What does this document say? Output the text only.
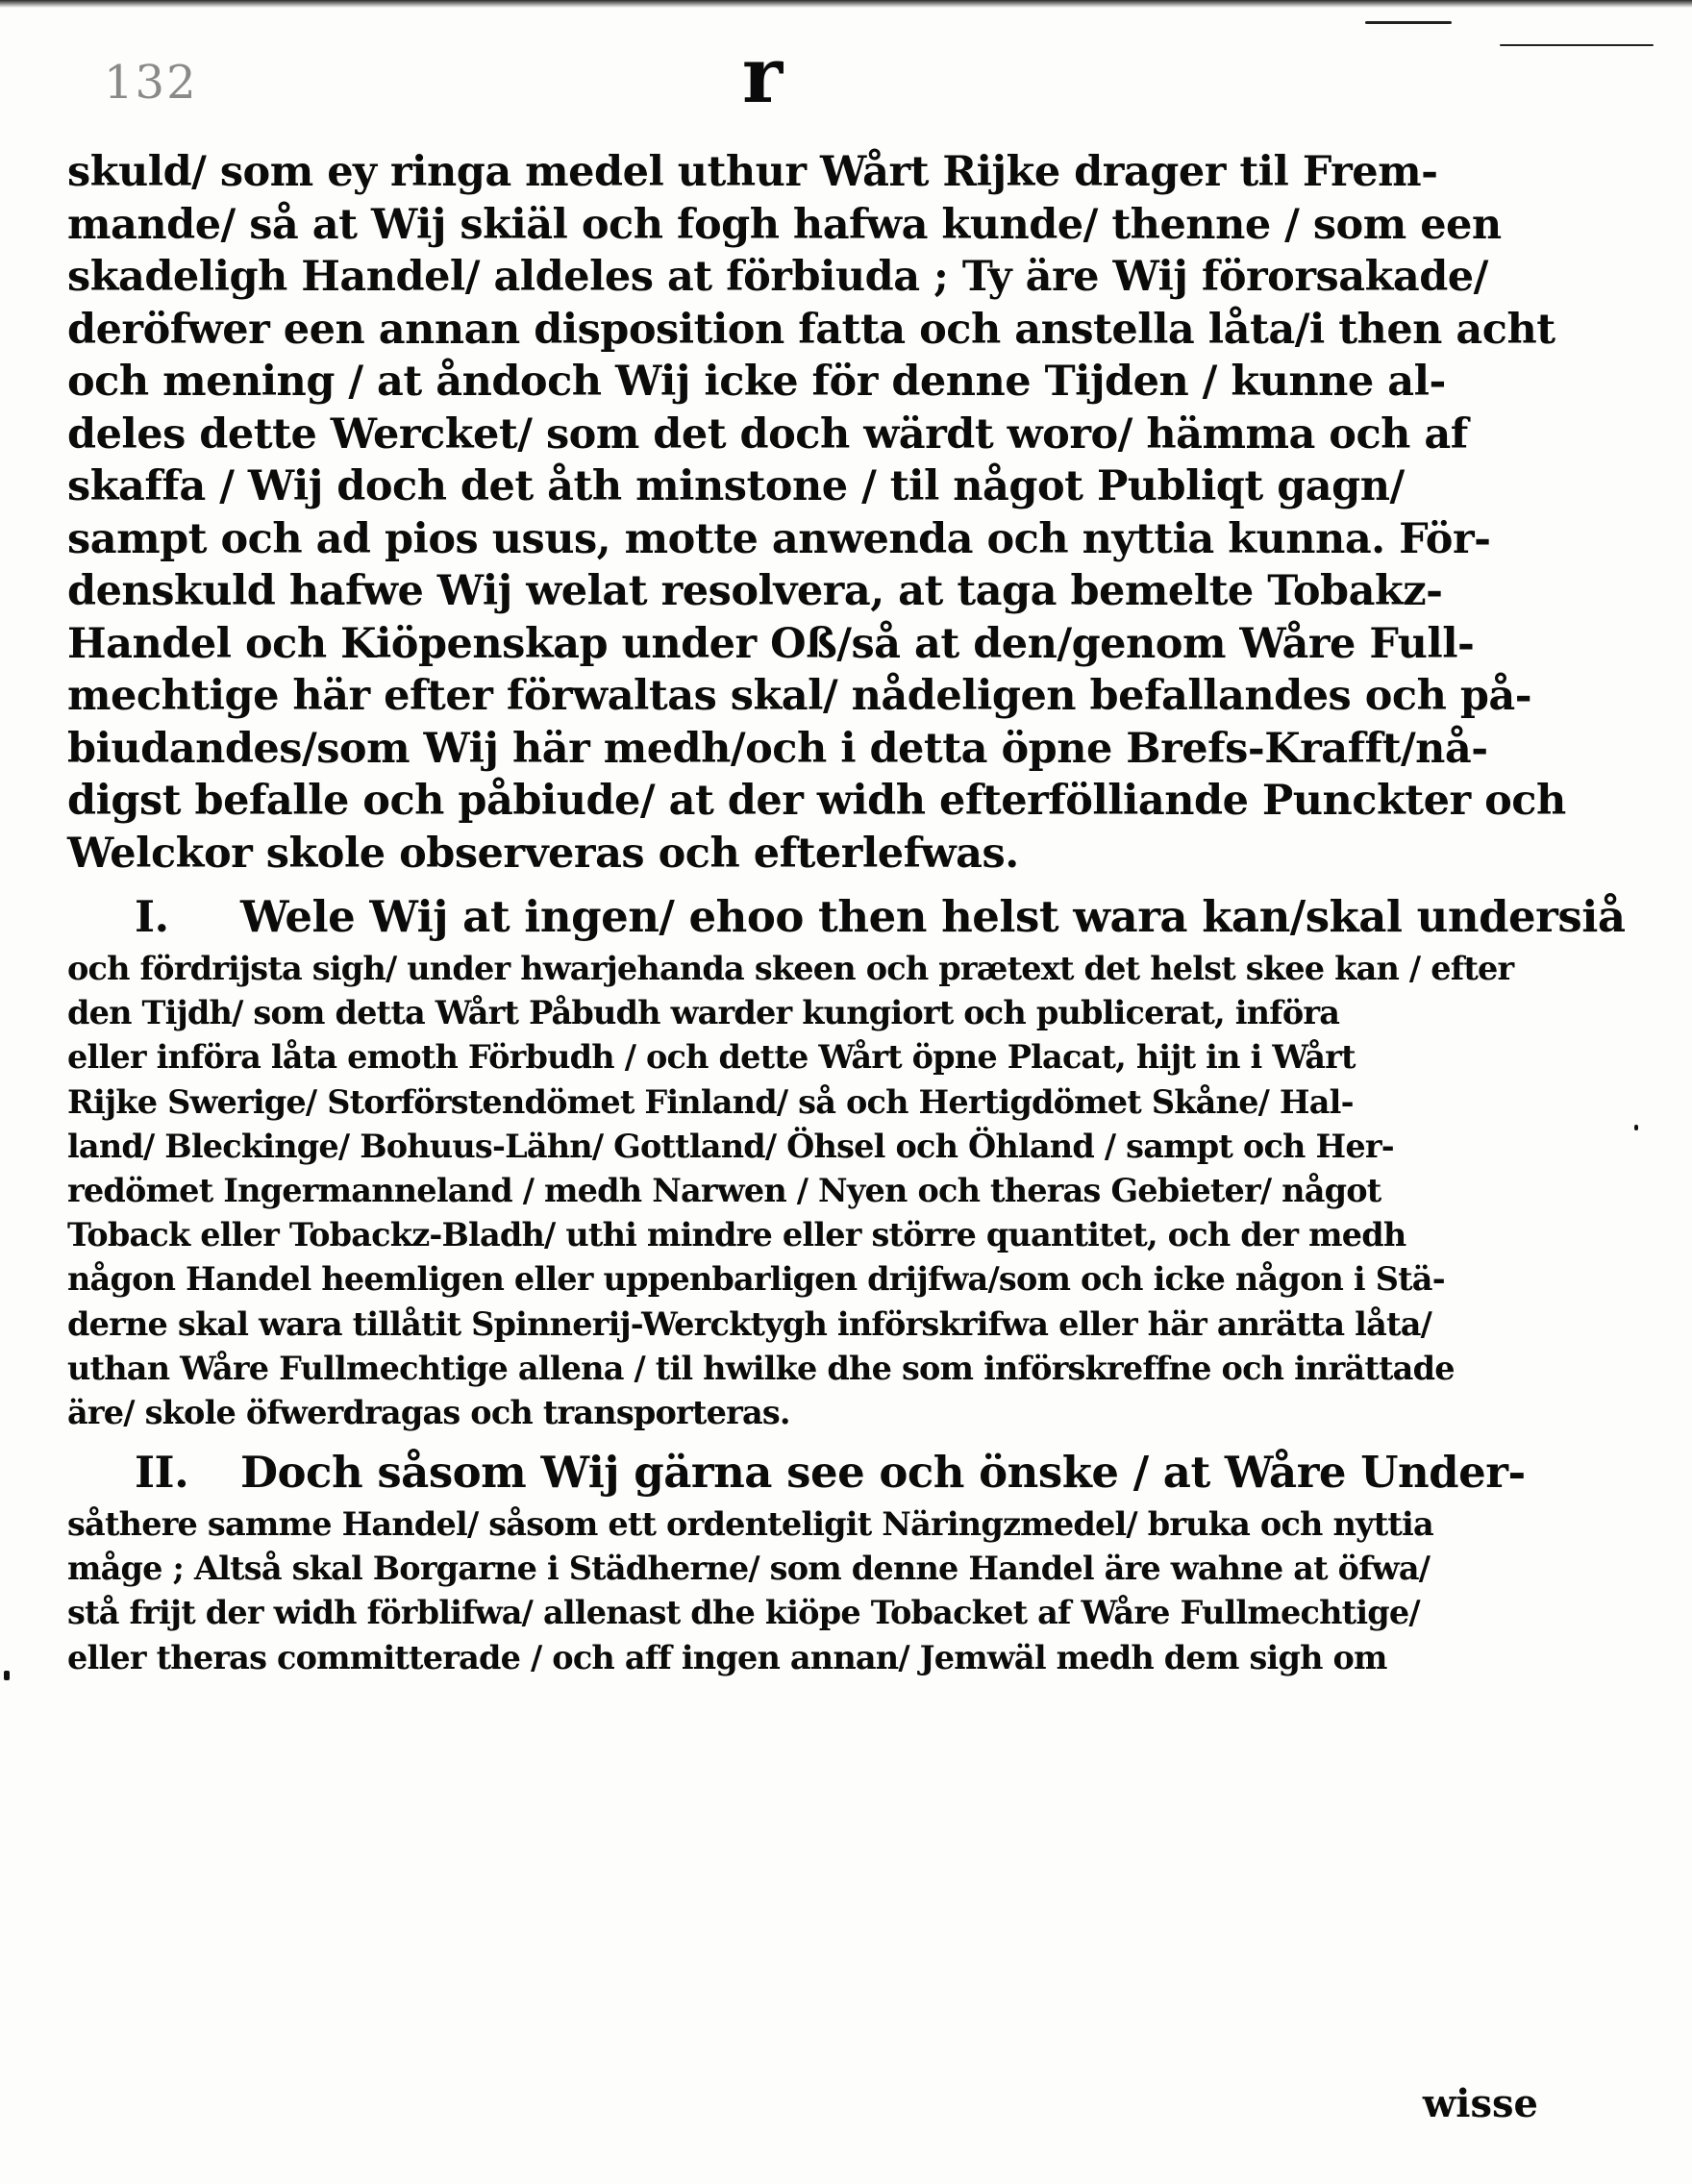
132	r
skuld/ som ey ringa medel uthur Wårt Rijke drager til Frem-
mande/ så at Wij skiäl och fogh hafwa kunde/ thenne / som een
skadeligh Handel/ aldeles at förbiuda ; Ty äre Wij förorsakade/
deröfwer een annan disposition fatta och anstella låta/i then acht
och mening / at åndoch Wij icke för denne Tijden / kunne al-
deles dette Wercket/ som det doch wärdt woro/ hämma och af
skaffa / Wij doch det åth minstone / til något Publiqt gagn/
sampt och ad pios usus, motte anwenda och nyttia kunna. För-
denskuld hafwe Wij welat resolvera, at taga bemelte Tobakz-
Handel och Kiöpenskap under Oß/så at den/genom Wåre Full-
mechtige här efter förwaltas skal/ nådeligen befallandes och på-
biudandes/som Wij här medh/och i detta öpne Brefs-Krafft/nå-
digst befalle och påbiude/ at der widh efterfölliande Punckter och
Welckor skole observeras och efterlefwas.
I. Wele Wij at ingen/ ehoo then helst wara kan/skal undersiå
och fördrijsta sigh/ under hwarjehanda skeen och prætext det helst skee kan / efter
den Tijdh/ som detta Wårt Påbudh warder kungiort och publicerat, införa
eller införa låta emoth Förbudh / och dette Wårt öpne Placat, hijt in i Wårt
Rijke Swerige/ Storförstendömet Finland/ så och Hertigdömet Skåne/ Hal-
land/ Bleckinge/ Bohuus-Lähn/ Gottland/ Öhsel och Öhland / sampt och Her-
redömet Ingermanneland / medh Narwen / Nyen och theras Gebieter/ något
Toback eller Tobackz-Bladh/ uthi mindre eller större quantitet, och der medh
någon Handel heemligen eller uppenbarligen drijfwa/som och icke någon i Stä-
derne skal wara tillåtit Spinnerij-Wercktygh införskrifwa eller här anrätta låta/
uthan Wåre Fullmechtige allena / til hwilke dhe som införskreffne och inrättade
äre/ skole öfwerdragas och transporteras.
II. Doch såsom Wij gärna see och önske / at Wåre Under-
såthere samme Handel/ såsom ett ordenteligit Näringzmedel/ bruka och nyttia
måge ; Altså skal Borgarne i Städherne/ som denne Handel äre wahne at öfwa/
stå frijt der widh förblifwa/ allenast dhe kiöpe Tobacket af Wåre Fullmechtige/
eller theras committerade / och aff ingen annan/ Jemwäl medh dem sigh om
wisse
